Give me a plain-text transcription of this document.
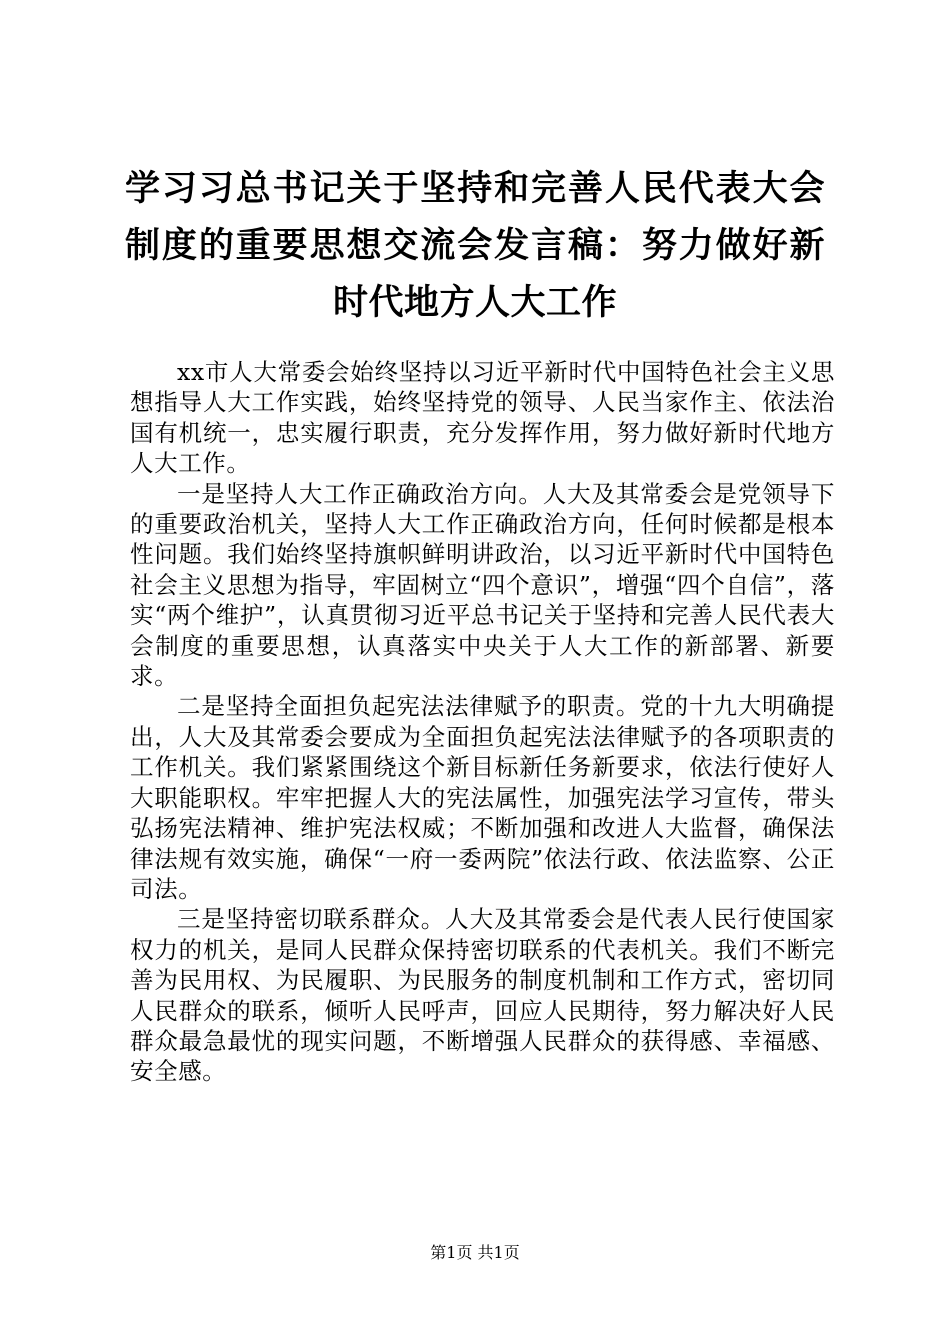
学习习总书记关于坚持和完善人民代表大会制度的重要思想交流会发言稿：努力做好新时代地方人大工作

xx市人大常委会始终坚持以习近平新时代中国特色社会主义思想指导人大工作实践，始终坚持党的领导、人民当家作主、依法治国有机统一，忠实履行职责，充分发挥作用，努力做好新时代地方人大工作。

一是坚持人大工作正确政治方向。人大及其常委会是党领导下的重要政治机关，坚持人大工作正确政治方向，任何时候都是根本性问题。我们始终坚持旗帜鲜明讲政治，以习近平新时代中国特色社会主义思想为指导，牢固树立“四个意识”，增强“四个自信”，落实“两个维护”，认真贯彻习近平总书记关于坚持和完善人民代表大会制度的重要思想，认真落实中央关于人大工作的新部署、新要求。

二是坚持全面担负起宪法法律赋予的职责。党的十九大明确提出，人大及其常委会要成为全面担负起宪法法律赋予的各项职责的工作机关。我们紧紧围绕这个新目标新任务新要求，依法行使好人大职能职权。牢牢把握人大的宪法属性，加强宪法学习宣传，带头弘扬宪法精神、维护宪法权威；不断加强和改进人大监督，确保法律法规有效实施，确保“一府一委两院”依法行政、依法监察、公正司法。

三是坚持密切联系群众。人大及其常委会是代表人民行使国家权力的机关，是同人民群众保持密切联系的代表机关。我们不断完善为民用权、为民履职、为民服务的制度机制和工作方式，密切同人民群众的联系，倾听人民呼声，回应人民期待，努力解决好人民群众最急最忧的现实问题，不断增强人民群众的获得感、幸福感、安全感。

第1页 共1页
